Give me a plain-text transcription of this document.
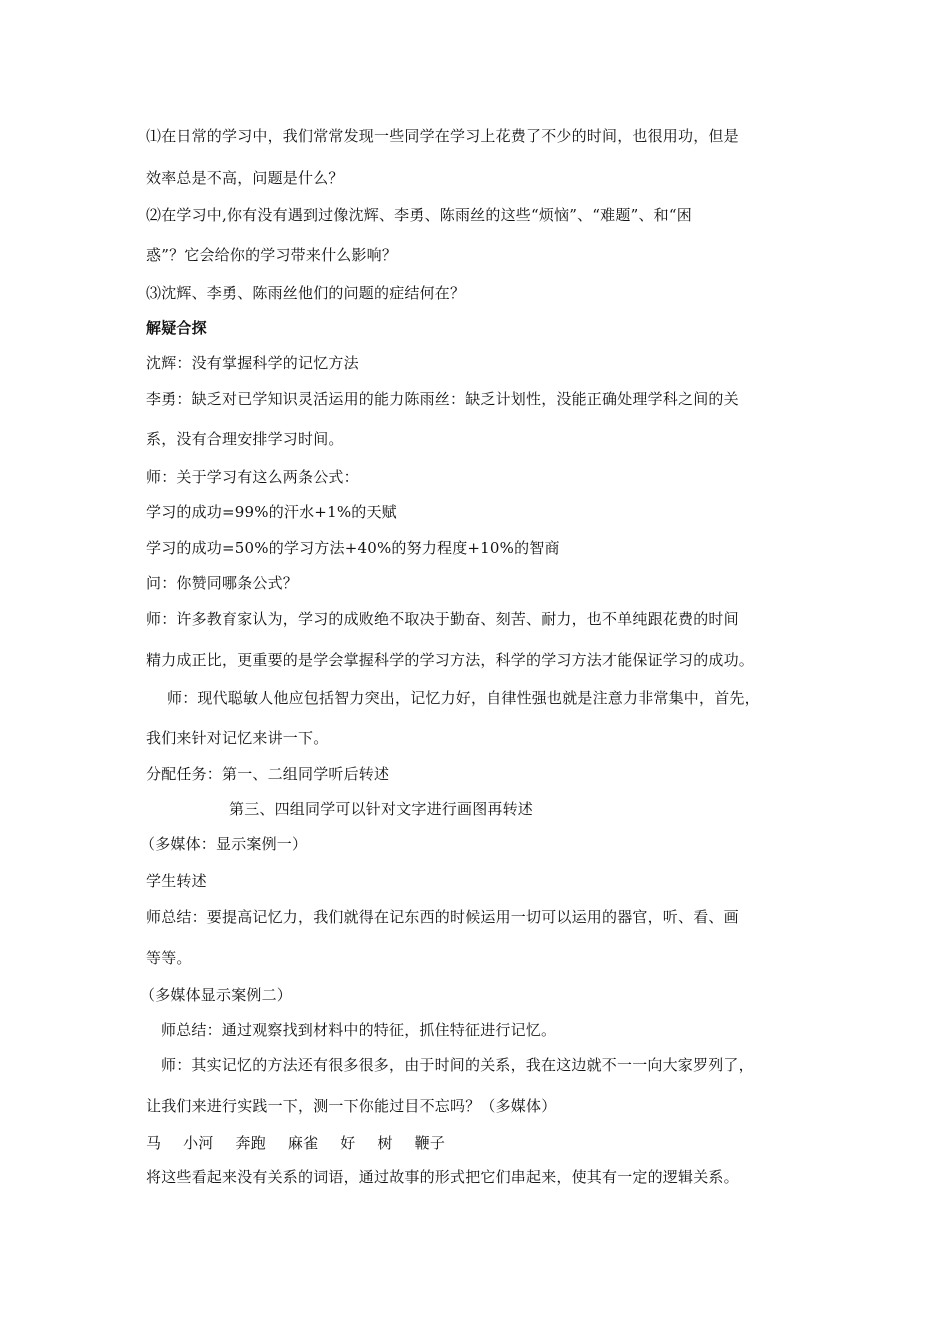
⑴在日常的学习中，我们常常发现一些同学在学习上花费了不少的时间，也很用功，但是
效率总是不高，问题是什么？
⑵在学习中,你有没有遇到过像沈辉、李勇、陈雨丝的这些“烦恼”、“难题”、和“困
惑”？它会给你的学习带来什么影响？
⑶沈辉、李勇、陈雨丝他们的问题的症结何在？
解疑合探
沈辉：没有掌握科学的记忆方法
李勇：缺乏对已学知识灵活运用的能力陈雨丝：缺乏计划性，没能正确处理学科之间的关
系，没有合理安排学习时间。
师：关于学习有这么两条公式：
学习的成功=99%的汗水+1%的天赋
学习的成功=50%的学习方法+40%的努力程度+10%的智商
问：你赞同哪条公式？
师：许多教育家认为，学习的成败绝不取决于勤奋、刻苦、耐力，也不单纯跟花费的时间
精力成正比，更重要的是学会掌握科学的学习方法，科学的学习方法才能保证学习的成功。
师：现代聪敏人他应包括智力突出，记忆力好，自律性强也就是注意力非常集中，首先，
我们来针对记忆来讲一下。
分配任务：第一、二组同学听后转述
第三、四组同学可以针对文字进行画图再转述
（多媒体：显示案例一）
学生转述
师总结：要提高记忆力，我们就得在记东西的时候运用一切可以运用的器官，听、看、画
等等。
（多媒体显示案例二）
师总结：通过观察找到材料中的特征，抓住特征进行记忆。
师：其实记忆的方法还有很多很多，由于时间的关系，我在这边就不一一向大家罗列了，
让我们来进行实践一下，测一下你能过目不忘吗？（多媒体）
马 小河 奔跑 麻雀 好 树 鞭子
将这些看起来没有关系的词语，通过故事的形式把它们串起来，使其有一定的逻辑关系。
